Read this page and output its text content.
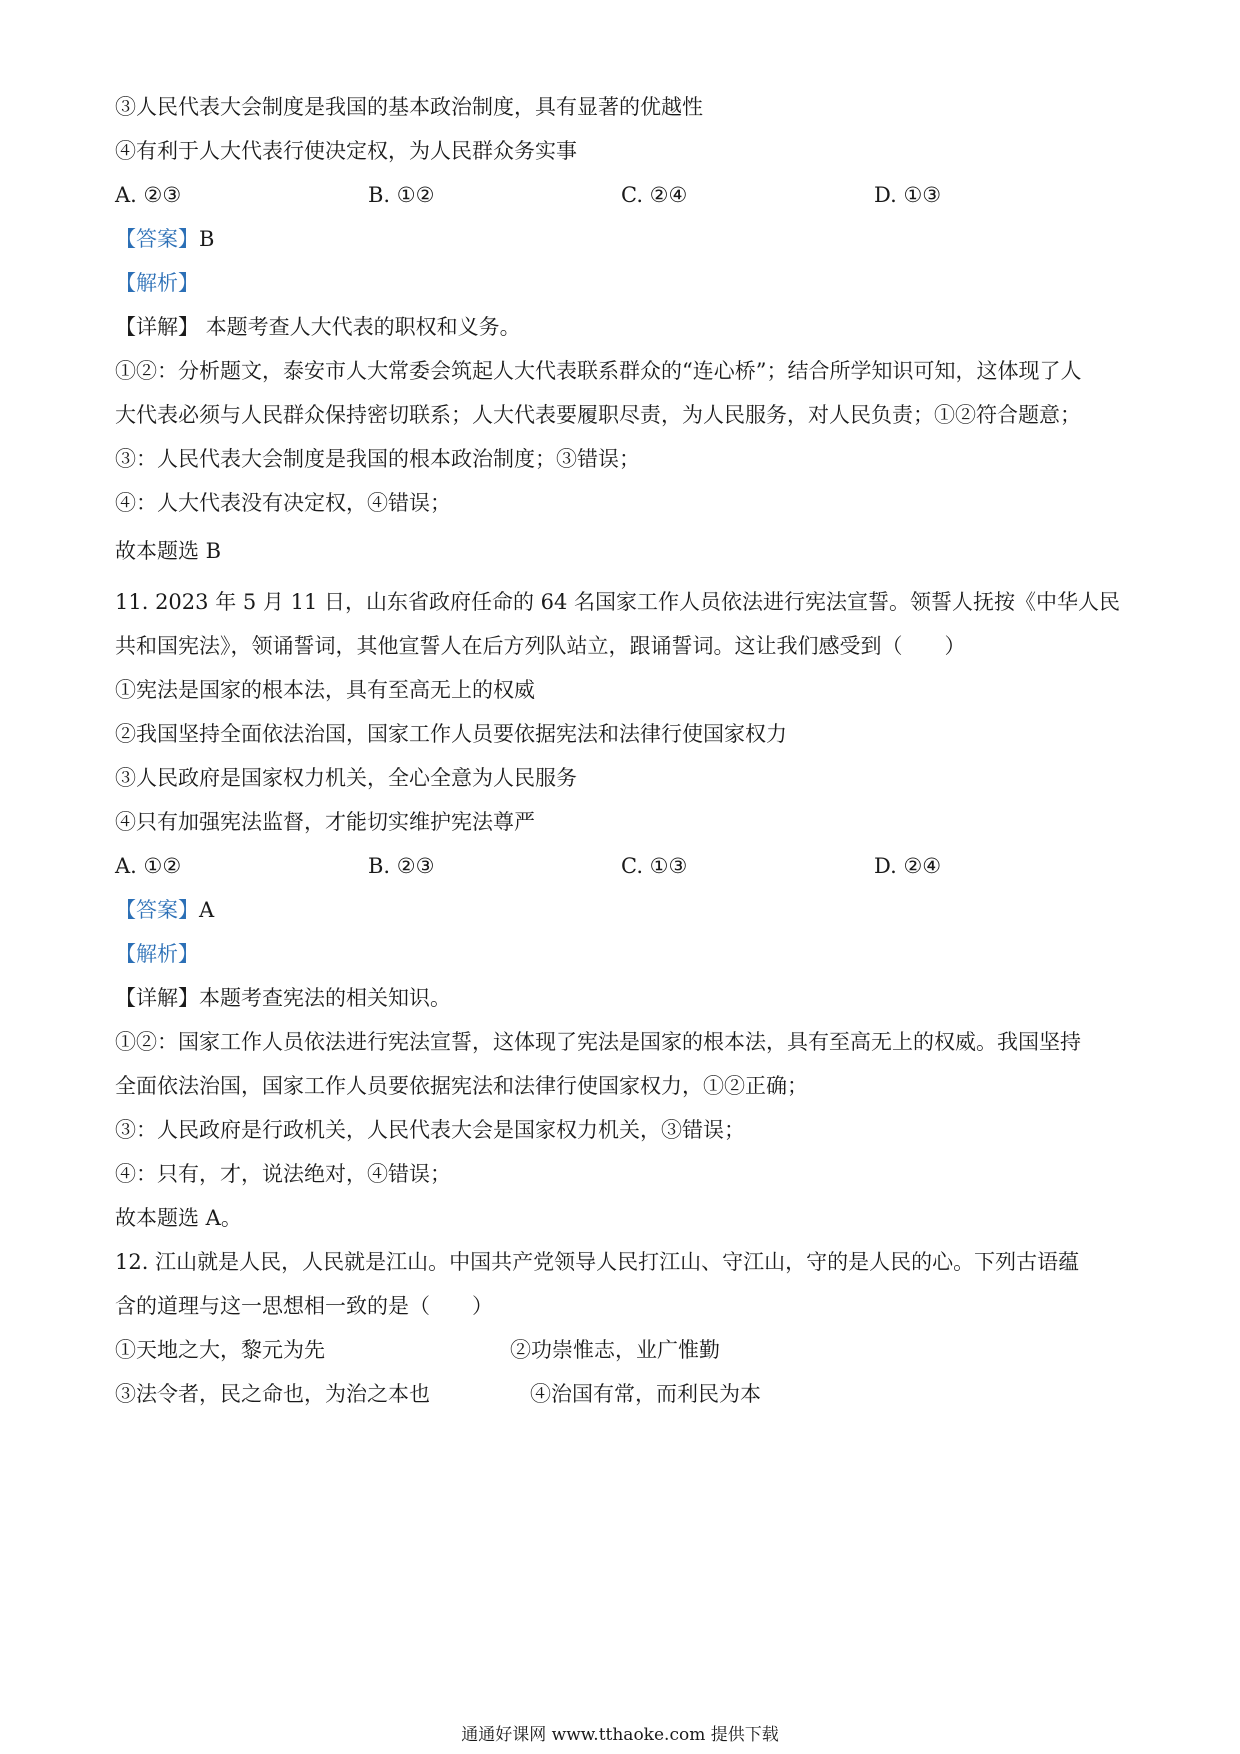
③人民代表大会制度是我国的基本政治制度，具有显著的优越性
④有利于人大代表行使决定权，为人民群众务实事
A. ②③	B. ①②	C. ②④	D. ①③
【答案】B
【解析】
【详解】 本题考查人大代表的职权和义务。
①②：分析题文，泰安市人大常委会筑起人大代表联系群众的“连心桥”；结合所学知识可知，这体现了人
大代表必须与人民群众保持密切联系；人大代表要履职尽责，为人民服务，对人民负责；①②符合题意；
③：人民代表大会制度是我国的根本政治制度；③错误；
④：人大代表没有决定权，④错误；
故本题选 B
11. 2023 年 5 月 11 日，山东省政府任命的 64 名国家工作人员依法进行宪法宣誓。领誓人抚按《中华人民
共和国宪法》，领诵誓词，其他宣誓人在后方列队站立，跟诵誓词。这让我们感受到（　　）
①宪法是国家的根本法，具有至高无上的权威
②我国坚持全面依法治国，国家工作人员要依据宪法和法律行使国家权力
③人民政府是国家权力机关，全心全意为人民服务
④只有加强宪法监督，才能切实维护宪法尊严
A. ①②	B. ②③	C. ①③	D. ②④
【答案】A
【解析】
【详解】本题考查宪法的相关知识。
①②：国家工作人员依法进行宪法宣誓，这体现了宪法是国家的根本法，具有至高无上的权威。我国坚持
全面依法治国，国家工作人员要依据宪法和法律行使国家权力，①②正确；
③：人民政府是行政机关，人民代表大会是国家权力机关，③错误；
④：只有，才，说法绝对，④错误；
故本题选 A。
12. 江山就是人民，人民就是江山。中国共产党领导人民打江山、守江山，守的是人民的心。下列古语蕴
含的道理与这一思想相一致的是（　　）
①天地之大，黎元为先	②功崇惟志，业广惟勤
③法令者，民之命也，为治之本也	④治国有常，而利民为本
通通好课网 www.tthaoke.com 提供下载
